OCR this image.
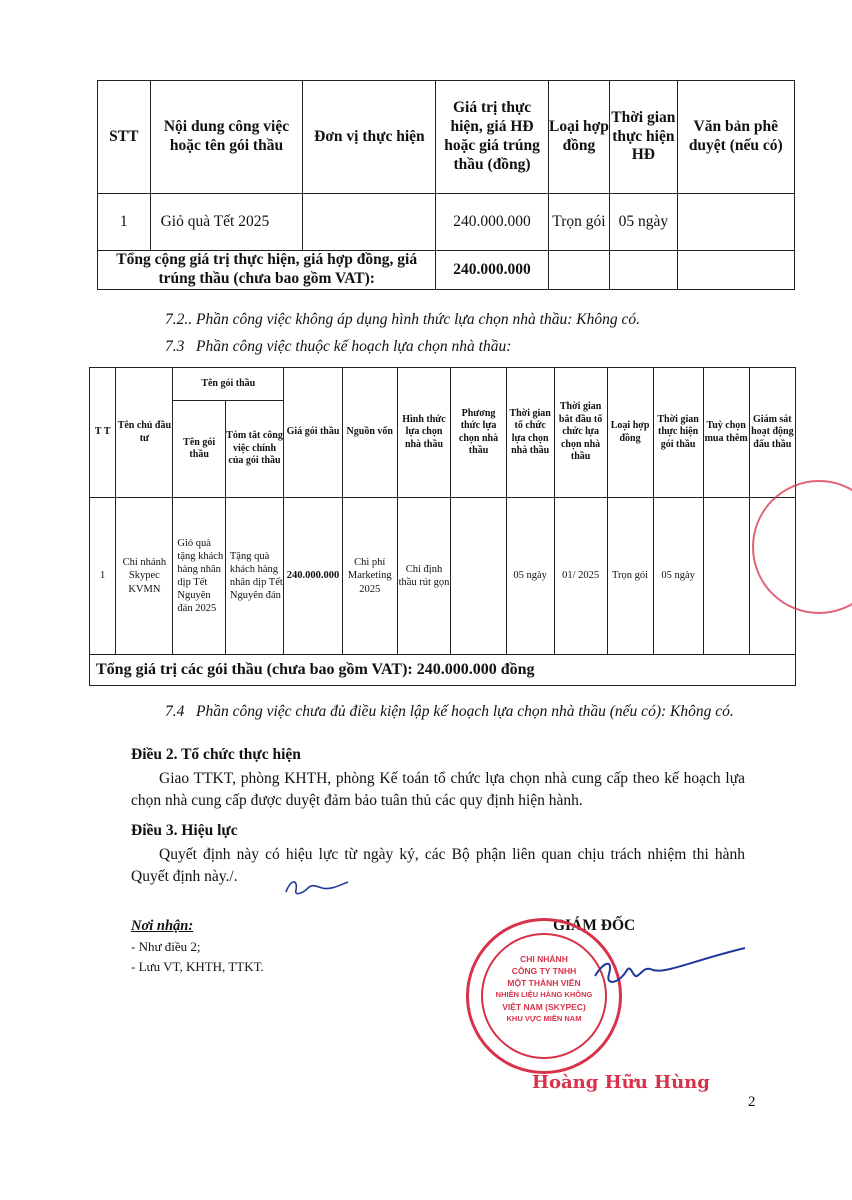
STT	Nội dung công việc hoặc tên gói thầu	Đơn vị thực hiện	Giá trị thực hiện, giá HĐ hoặc giá trúng thầu (đồng)	Loại hợp đồng	Thời gian thực hiện HĐ	Văn bản phê duyệt (nếu có)
1	Giỏ quà Tết 2025		240.000.000	Trọn gói	05 ngày	
Tổng cộng giá trị thực hiện, giá hợp đồng, giá trúng thầu (chưa bao gồm VAT):			240.000.000			
7.2.. Phần công việc không áp dụng hình thức lựa chọn nhà thầu: Không có.
7.3   Phần công việc thuộc kế hoạch lựa chọn nhà thầu:
T T	Tên chủ đầu tư	Tên gói thầu		Giá gói thầu	Nguồn vốn	Hình thức lựa chọn nhà thầu	Phương thức lựa chọn nhà thầu	Thời gian tổ chức lựa chọn nhà thầu	Thời gian bắt đầu tổ chức lựa chọn nhà thầu	Loại hợp đồng	Thời gian thực hiện gói thầu	Tuỳ chọn mua thêm	Giám sát hoạt động đấu thầu
		Tên gói thầu	Tóm tắt công việc chính của gói thầu										
1	Chi nhánh Skypec KVMN	Giỏ quà tặng khách hàng nhân dịp Tết Nguyên đán 2025	Tặng quà khách hàng nhân dịp Tết Nguyên đán	240.000.000	Chi phí Marketing 2025	Chỉ định thầu rút gọn		05 ngày	01/ 2025	Trọn gói	05 ngày		
Tổng giá trị các gói thầu (chưa bao gồm VAT): 240.000.000 đồng													
7.4   Phần công việc chưa đủ điều kiện lập kế hoạch lựa chọn nhà thầu (nếu có): Không có.
Điều 2. Tổ chức thực hiện
Giao TTKT, phòng KHTH, phòng Kế toán tổ chức lựa chọn nhà cung cấp theo kế hoạch lựa chọn nhà cung cấp được duyệt đảm bảo tuân thủ các quy định hiện hành.
Điều 3. Hiệu lực
Quyết định này có hiệu lực từ ngày ký, các Bộ phận liên quan chịu trách nhiệm thi hành Quyết định này./.
Nơi nhận:
- Như điều 2;
- Lưu VT, KHTH, TTKT.
GIÁM ĐỐC
CHI NHÁNH
CÔNG TY TNHH
MỘT THÀNH VIÊN
NHIÊN LIỆU HÀNG KHÔNG
VIỆT NAM (SKYPEC)
KHU VỰC MIỀN NAM
Hoàng Hữu Hùng
2
